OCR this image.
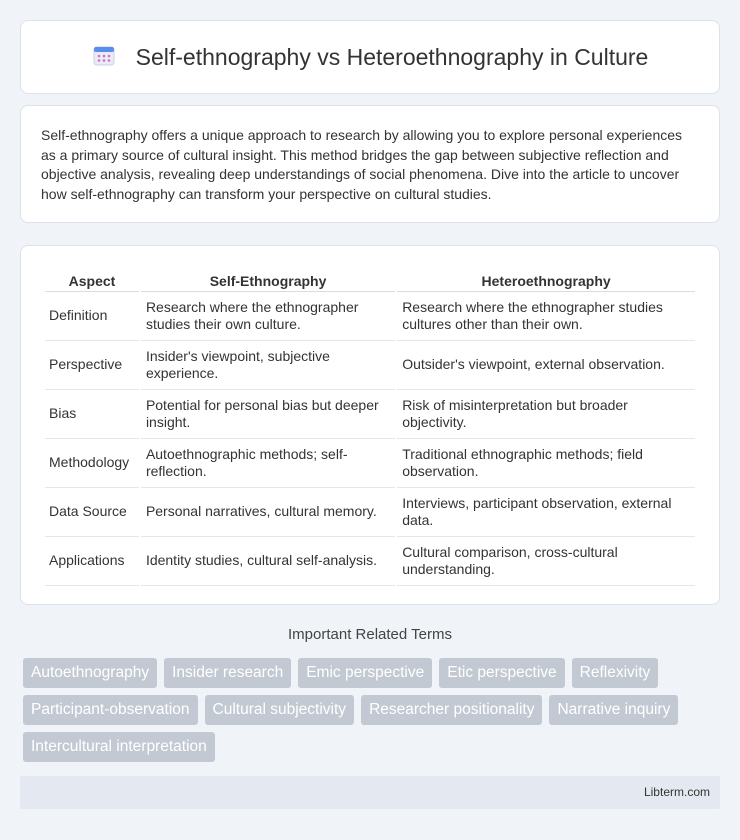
Self-ethnography vs Heteroethnography in Culture

Self-ethnography offers a unique approach to research by allowing you to explore personal experiences as a primary source of cultural insight. This method bridges the gap between subjective reflection and objective analysis, revealing deep understandings of social phenomena. Dive into the article to uncover how self-ethnography can transform your perspective on cultural studies.

Aspect	Self-Ethnography	Heteroethnography
Definition	Research where the ethnographer studies their own culture.	Research where the ethnographer studies cultures other than their own.
Perspective	Insider's viewpoint, subjective experience.	Outsider's viewpoint, external observation.
Bias	Potential for personal bias but deeper insight.	Risk of misinterpretation but broader objectivity.
Methodology	Autoethnographic methods; self-reflection.	Traditional ethnographic methods; field observation.
Data Source	Personal narratives, cultural memory.	Interviews, participant observation, external data.
Applications	Identity studies, cultural self-analysis.	Cultural comparison, cross-cultural understanding.
Important Related Terms
Autoethnography	Insider research	Emic perspective	Etic perspective	Reflexivity
Participant-observation	Cultural subjectivity	Researcher positionality	Narrative inquiry
Intercultural interpretation
Libterm.com
